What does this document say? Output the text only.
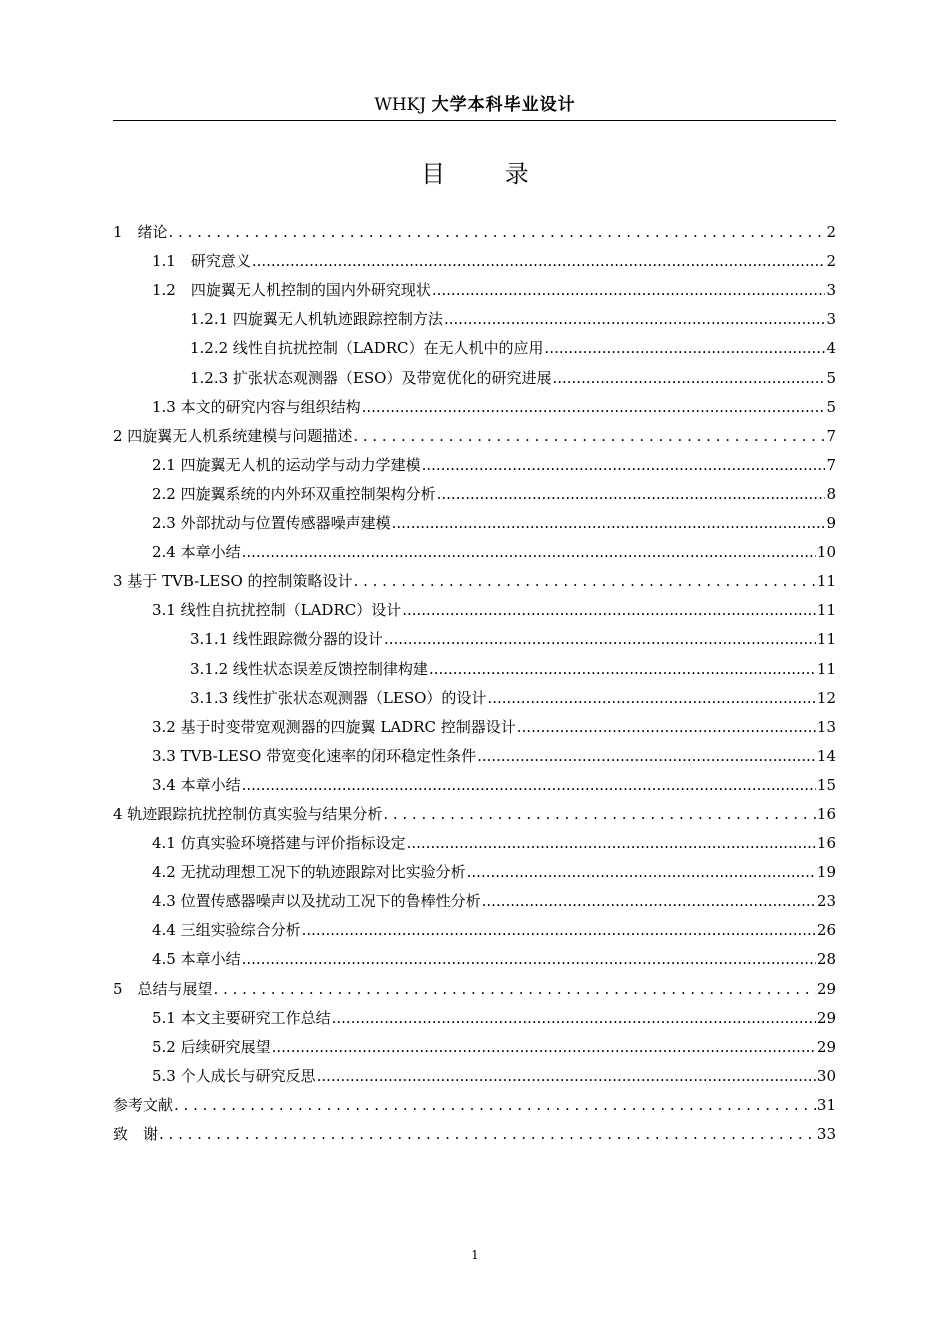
WHKJ 大学本科毕业设计
目 录
1　绪论 . . .	2
1.1　研究意义 .....	2
1.2　四旋翼无人机控制的国内外研究现状 .....	3
1.2.1 四旋翼无人机轨迹跟踪控制方法 .....	3
1.2.2 线性自抗扰控制（LADRC）在无人机中的应用 .....	4
1.2.3 扩张状态观测器（ESO）及带宽优化的研究进展 .....	5
1.3 本文的研究内容与组织结构 .....	5
2 四旋翼无人机系统建模与问题描述 . . .	7
2.1 四旋翼无人机的运动学与动力学建模 .....	7
2.2 四旋翼系统的内外环双重控制架构分析 .....	8
2.3 外部扰动与位置传感器噪声建模 .....	9
2.4 本章小结 .....	10
3 基于 TVB-LESO 的控制策略设计 . . .	11
3.1 线性自抗扰控制（LADRC）设计 .....	11
3.1.1 线性跟踪微分器的设计 .....	11
3.1.2 线性状态误差反馈控制律构建 .....	11
3.1.3 线性扩张状态观测器（LESO）的设计 .....	12
3.2 基于时变带宽观测器的四旋翼 LADRC 控制器设计 .....	13
3.3 TVB-LESO 带宽变化速率的闭环稳定性条件 .....	14
3.4 本章小结 .....	15
4 轨迹跟踪抗扰控制仿真实验与结果分析 . . .	16
4.1 仿真实验环境搭建与评价指标设定 .....	16
4.2 无扰动理想工况下的轨迹跟踪对比实验分析 .....	19
4.3 位置传感器噪声以及扰动工况下的鲁棒性分析 .....	23
4.4 三组实验综合分析 .....	26
4.5 本章小结 .....	28
5　总结与展望 . . .	29
5.1 本文主要研究工作总结 .....	29
5.2 后续研究展望 .....	29
5.3 个人成长与研究反思 .....	30
参考文献 . . .	31
致　谢 . . .	33
1
